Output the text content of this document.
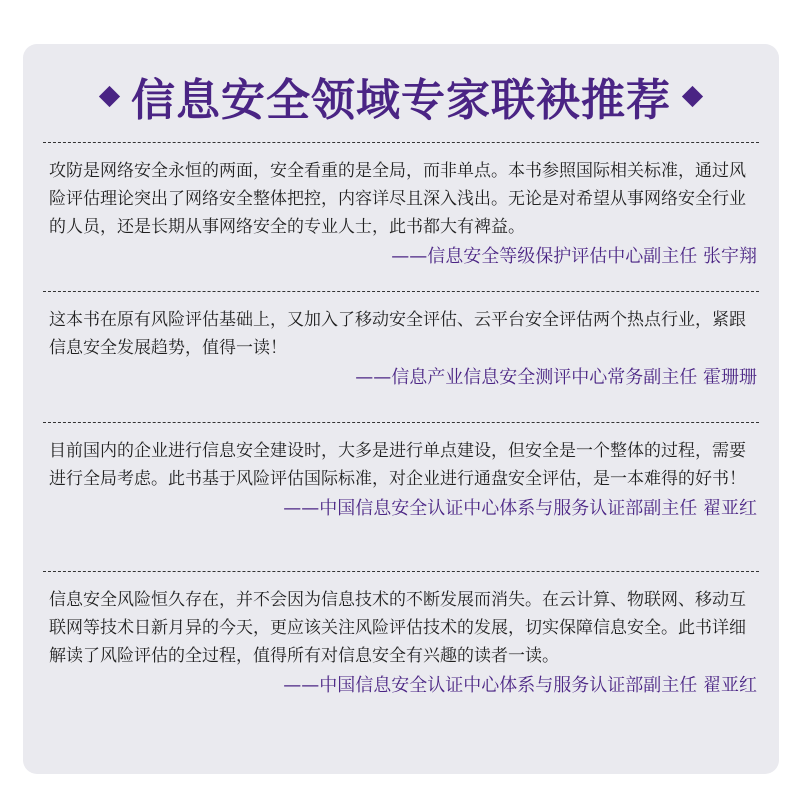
信息安全领域专家联袂推荐

攻防是网络安全永恒的两面，安全看重的是全局，而非单点。本书参照国际相关标准，通过风险评估理论突出了网络安全整体把控，内容详尽且深入浅出。无论是对希望从事网络安全行业的人员，还是长期从事网络安全的专业人士，此书都大有裨益。

——信息安全等级保护评估中心副主任 张宇翔

这本书在原有风险评估基础上，又加入了移动安全评估、云平台安全评估两个热点行业，紧跟信息安全发展趋势，值得一读！

——信息产业信息安全测评中心常务副主任 霍珊珊

目前国内的企业进行信息安全建设时，大多是进行单点建设，但安全是一个整体的过程，需要进行全局考虑。此书基于风险评估国际标准，对企业进行通盘安全评估，是一本难得的好书！

——中国信息安全认证中心体系与服务认证部副主任 翟亚红

信息安全风险恒久存在，并不会因为信息技术的不断发展而消失。在云计算、物联网、移动互联网等技术日新月异的今天，更应该关注风险评估技术的发展，切实保障信息安全。此书详细解读了风险评估的全过程，值得所有对信息安全有兴趣的读者一读。

——中国信息安全认证中心体系与服务认证部副主任 翟亚红
